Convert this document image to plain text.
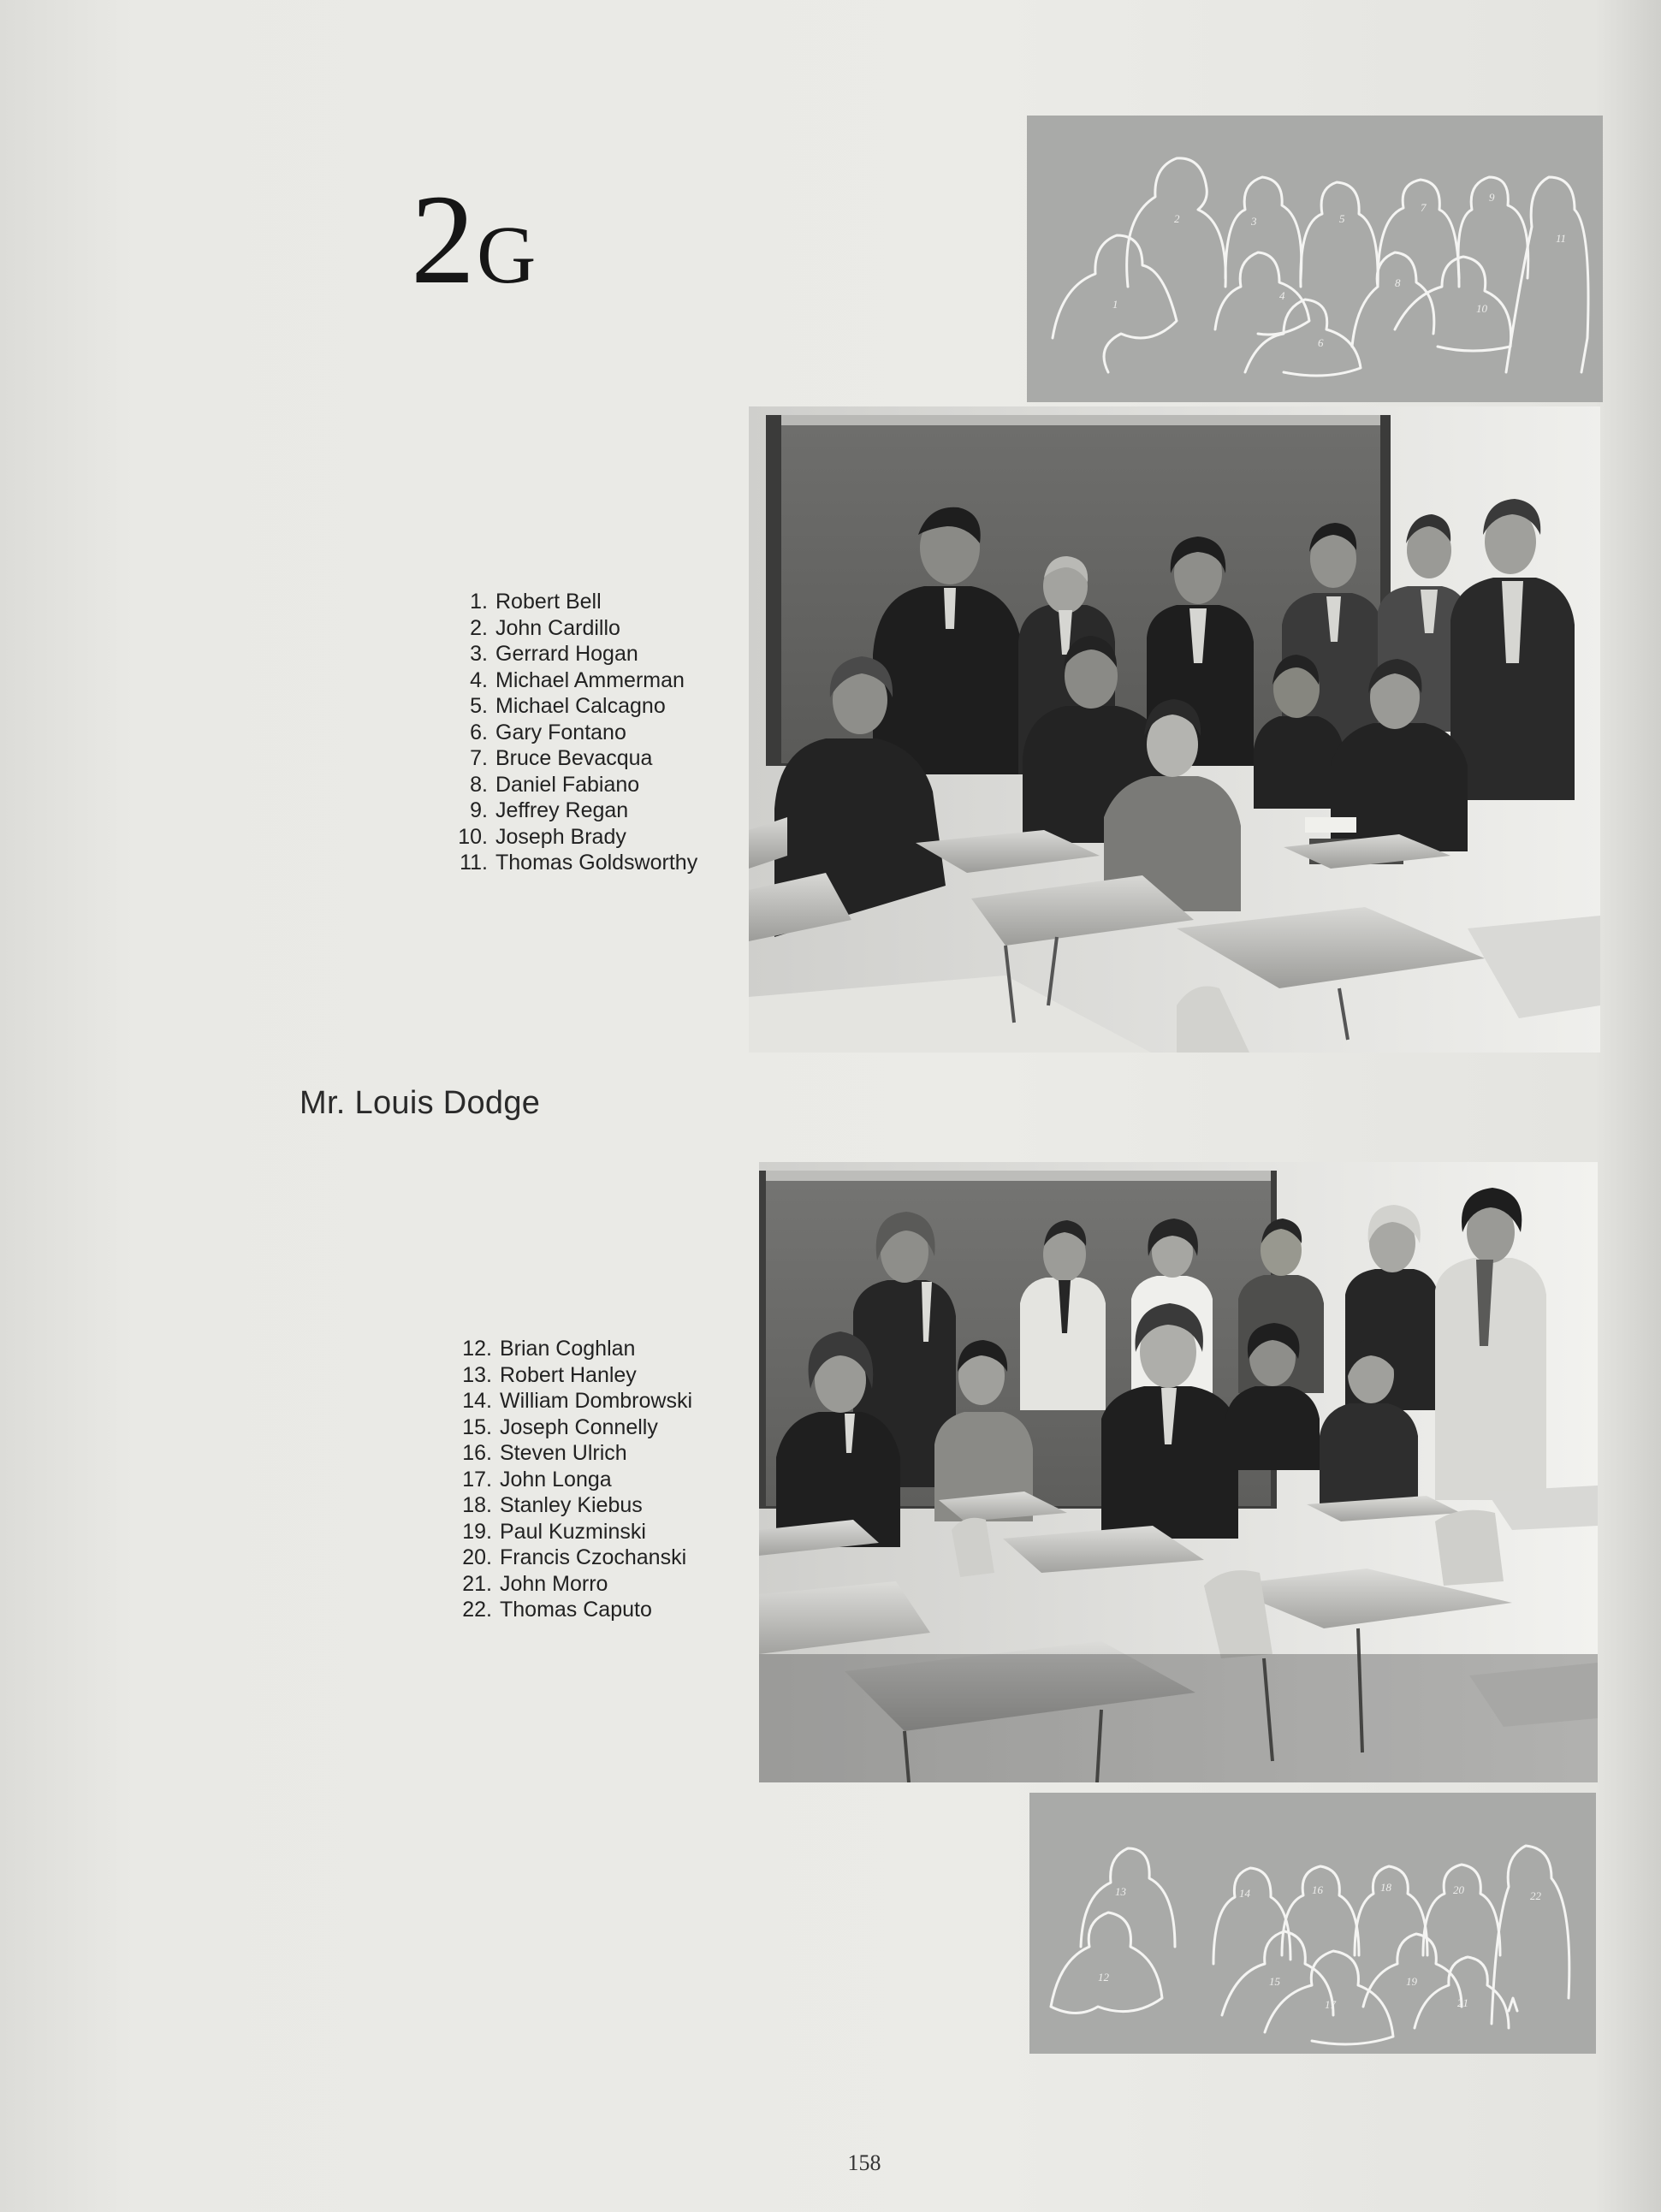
2G
1
2	3
4
5
6
7
8
9
10
11
1. Robert Bell
2. John Cardillo
3. Gerrard Hogan
4. Michael Ammerman
5. Michael Calcagno
6. Gary Fontano
7. Bruce Bevacqua
8. Daniel Fabiano
9. Jeffrey Regan
10. Joseph Brady
11. Thomas Goldsworthy
Mr. Louis Dodge
12. Brian Coghlan
13. Robert Hanley
14. William Dombrowski
15. Joseph Connelly
16. Steven Ulrich
17. John Longa
18. Stanley Kiebus
19. Paul Kuzminski
20. Francis Czochanski
21. John Morro
22. Thomas Caputo
12
13	14
15
16
17
18
19
20
21
22
158
